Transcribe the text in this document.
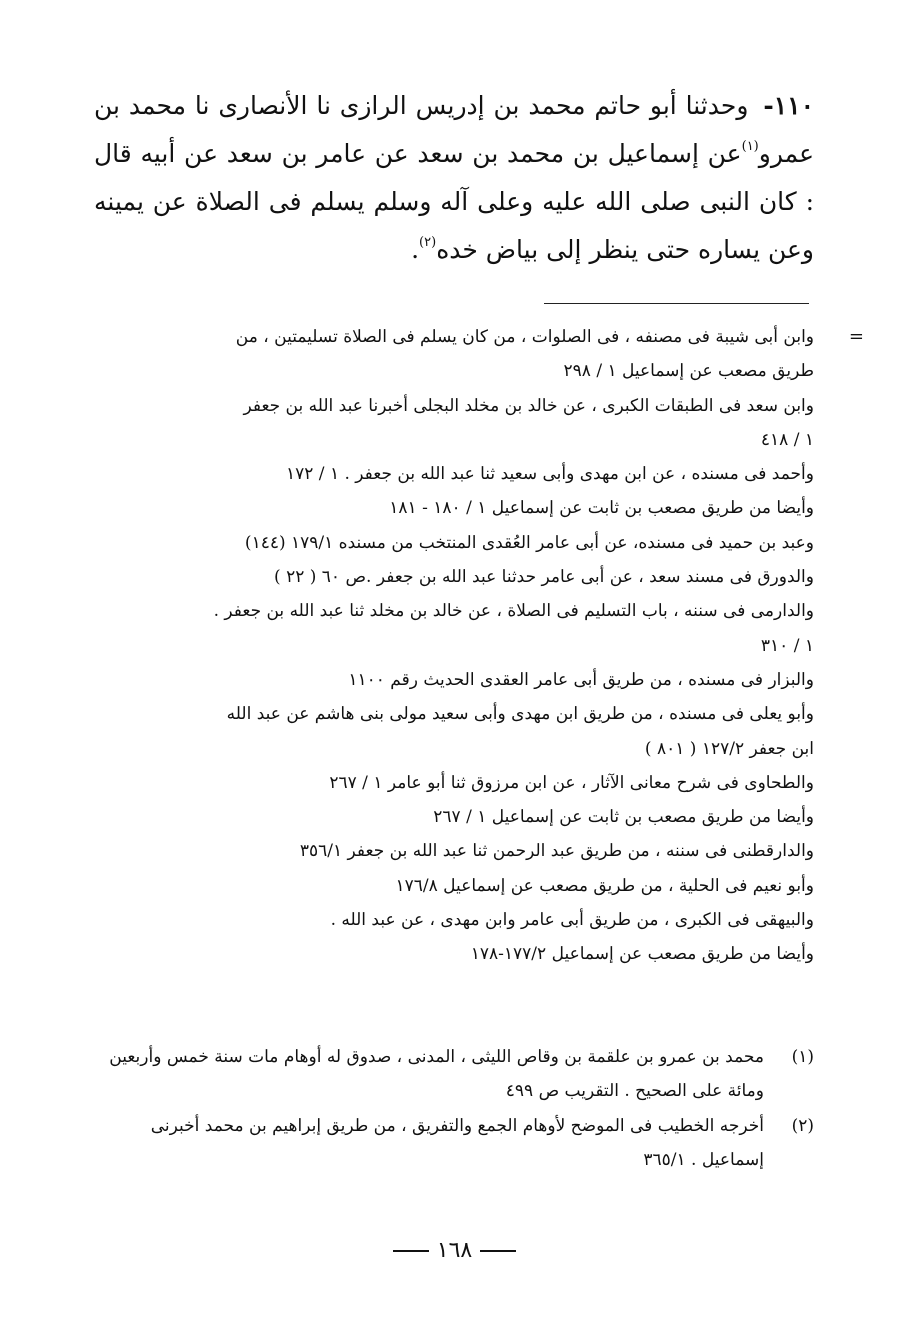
١١٠- وحدثنا أبو حاتم محمد بن إدريس الرازى نا الأنصارى نا محمد بن عمرو$^{(١)}$عن إسماعيل بن محمد بن سعد عن عامر بن سعد عن أبيه قال : كان النبى صلى الله عليه وعلى آله وسلم يسلم فى الصلاة عن يمينه وعن يساره حتى ينظر إلى بياض خده$^{(٢)}$.
=
وابن أبى شيبة فى مصنفه ، فى الصلوات ، من كان يسلم فى الصلاة تسليمتين ، من
طريق مصعب عن إسماعيل ١ / ٢٩٨
وابن سعد فى الطبقات الكبرى ، عن خالد بن مخلد البجلى أخبرنا عبد الله بن جعفر
١ / ٤١٨
وأحمد فى مسنده ، عن ابن مهدى وأبى سعيد ثنا عبد الله بن جعفر . ١ / ١٧٢
وأيضا من طريق مصعب بن ثابت عن إسماعيل ١ / ١٨٠ - ١٨١
وعبد بن حميد فى مسنده، عن أبى عامر العُقدى المنتخب من مسنده ١٧٩/١ (١٤٤)
والدورق فى مسند سعد ، عن أبى عامر حدثنا عبد الله بن جعفر .ص ٦٠ ( ٢٢ )
والدارمى فى سننه ، باب التسليم فى الصلاة ، عن خالد بن مخلد ثنا عبد الله بن جعفر .
١ / ٣١٠
والبزار فى مسنده ، من طريق أبى عامر العقدى الحديث رقم ١١٠٠
وأبو يعلى فى مسنده ، من طريق ابن مهدى وأبى سعيد مولى بنى هاشم عن عبد الله
ابن جعفر ١٢٧/٢ ( ٨٠١ )
والطحاوى فى شرح معانى الآثار ، عن ابن مرزوق ثنا أبو عامر ١ / ٢٦٧
وأيضا من طريق مصعب بن ثابت عن إسماعيل ١ / ٢٦٧
والدارقطنى فى سننه ، من طريق عبد الرحمن ثنا عبد الله بن جعفر ٣٥٦/١
وأبو نعيم فى الحلية ، من طريق مصعب عن إسماعيل ١٧٦/٨
والبيهقى فى الكبرى ، من طريق أبى عامر وابن مهدى ، عن عبد الله .
وأيضا من طريق مصعب عن إسماعيل ١٧٧/٢-١٧٨
(١)
محمد بن عمرو بن علقمة بن وقاص الليثى ، المدنى ، صدوق له أوهام مات سنة خمس وأربعين ومائة على الصحيح . التقريب ص ٤٩٩
(٢)
أخرجه الخطيب فى الموضح لأوهام الجمع والتفريق ، من طريق إبراهيم بن محمد أخبرنى إسماعيل . ٣٦٥/١
١٦٨
